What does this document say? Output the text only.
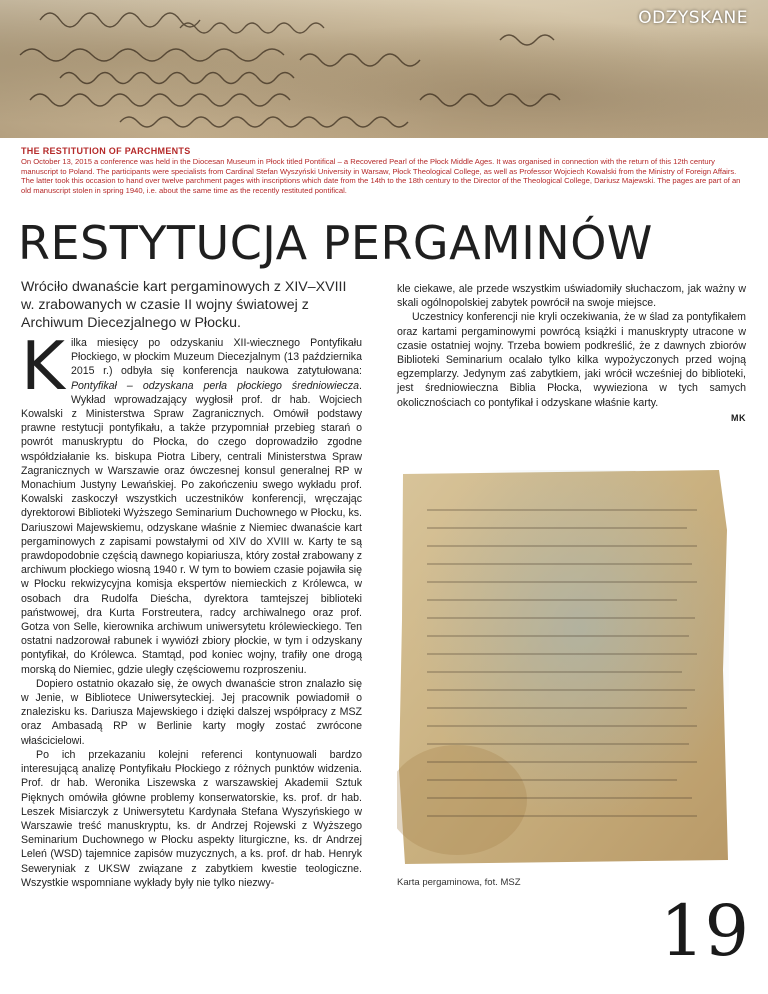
ODZYSKANE
THE RESTITUTION OF PARCHMENTS
On October 13, 2015 a conference was held in the Diocesan Museum in Płock titled Pontifical – a Recovered Pearl of the Płock Middle Ages. It was organised in connection with the return of this 12th century manuscript to Poland. The participants were specialists from Cardinal Stefan Wyszyński University in Warsaw, Płock Theological College, as well as Professor Wojciech Kowalski from the Ministry of Foreign Affairs. The latter took this occasion to hand over twelve parchment pages with inscriptions which date from the 14th to the 18th century to the Director of the Theological College, Dariusz Majewski. The pages are part of an old manuscript stolen in spring 1940, i.e. about the same time as the recently restituted pontifical.
RESTYTUCJA PERGAMINÓW
Wróciło dwanaście kart pergaminowych z XIV–XVIII w. zrabowanych w czasie II wojny światowej z Archiwum Diecezjalnego w Płocku.

Kilka miesięcy po odzyskaniu XII-wiecznego Pontyfikału Płockiego, w płockim Muzeum Diecezjalnym (13 października 2015 r.) odbyła się konferencja naukowa zatytułowana: Pontyfikał – odzyskana perła płockiego średniowiecza. Wykład wprowadzający wygłosił prof. dr hab. Wojciech Kowalski z Ministerstwa Spraw Zagranicznych. Omówił podstawy prawne restytucji pontyfikału, a także przypomniał przebieg starań o powrót manuskryptu do Płocka, do czego doprowadziło zgodne współdziałanie ks. biskupa Piotra Libery, centrali Ministerstwa Spraw Zagranicznych w Warszawie oraz ówczesnej konsul generalnej RP w Monachium Justyny Lewańskiej. Po zakończeniu swego wykładu prof. Kowalski zaskoczył wszystkich uczestników konferencji, wręczając dyrektorowi Biblioteki Wyższego Seminarium Duchownego w Płocku, ks. Dariuszowi Majewskiemu, odzyskane właśnie z Niemiec dwanaście kart pergaminowych z zapisami powstałymi od XIV do XVIII w. Karty te są prawdopodobnie częścią dawnego kopiariusza, który został zrabowany z archiwum płockiego wiosną 1940 r. W tym to bowiem czasie pojawiła się w Płocku rekwizycyjna komisja ekspertów niemieckich z Królewca, w osobach dra Rudolfa Dieścha, dyrektora tamtejszej biblioteki państwowej, dra Kurta Forstreutera, radcy archiwalnego oraz prof. Gotza von Selle, kierownika archiwum uniwersytetu królewieckiego. Ten ostatni nadzorował rabunek i wywiózł zbiory płockie, w tym i odzyskany pontyfikał, do Królewca. Stamtąd, pod koniec wojny, trafiły one drogą morską do Niemiec, gdzie uległy częściowemu rozproszeniu.

Dopiero ostatnio okazało się, że owych dwanaście stron znalazło się w Jenie, w Bibliotece Uniwersyteckiej. Jej pracownik powiadomił o znalezisku ks. Dariusza Majewskiego i dzięki dalszej współpracy z MSZ oraz Ambasadą RP w Berlinie karty mogły zostać zwrócone właścicielowi.

Po ich przekazaniu kolejni referenci kontynuowali bardzo interesującą analizę Pontyfikału Płockiego z różnych punktów widzenia. Prof. dr hab. Weronika Liszewska z warszawskiej Akademii Sztuk Pięknych omówiła główne problemy konserwatorskie, ks. prof. dr hab. Leszek Misiarczyk z Uniwersytetu Kardynała Stefana Wyszyńskiego w Warszawie treść manuskryptu, ks. dr Andrzej Rojewski z Wyższego Seminarium Duchownego w Płocku aspekty liturgiczne, ks. dr Andrzej Leleń (WSD) tajemnice zapisów muzycznych, a ks. prof. dr hab. Henryk Seweryniak z UKSW związane z zabytkiem kwestie teologiczne. Wszystkie wspomniane wykłady były nie tylko niezwy-

kle ciekawe, ale przede wszystkim uświadomiły słuchaczom, jak ważny w skali ogólnopolskiej zabytek powrócił na swoje miejsce.

Uczestnicy konferencji nie kryli oczekiwania, że w ślad za pontyfikałem oraz kartami pergaminowymi powrócą książki i manuskrypty utracone w czasie ostatniej wojny. Trzeba bowiem podkreślić, że z dawnych zbiorów Biblioteki Seminarium ocalało tylko kilka wypożyczonych przed wojną egzemplarzy. Jedynym zaś zabytkiem, jaki wrócił wcześniej do biblioteki, jest średniowieczna Biblia Płocka, wywieziona w tych samych okolicznościach co pontyfikał i odzyskane właśnie karty.

MK
Karta pergaminowa, fot. MSZ
19
